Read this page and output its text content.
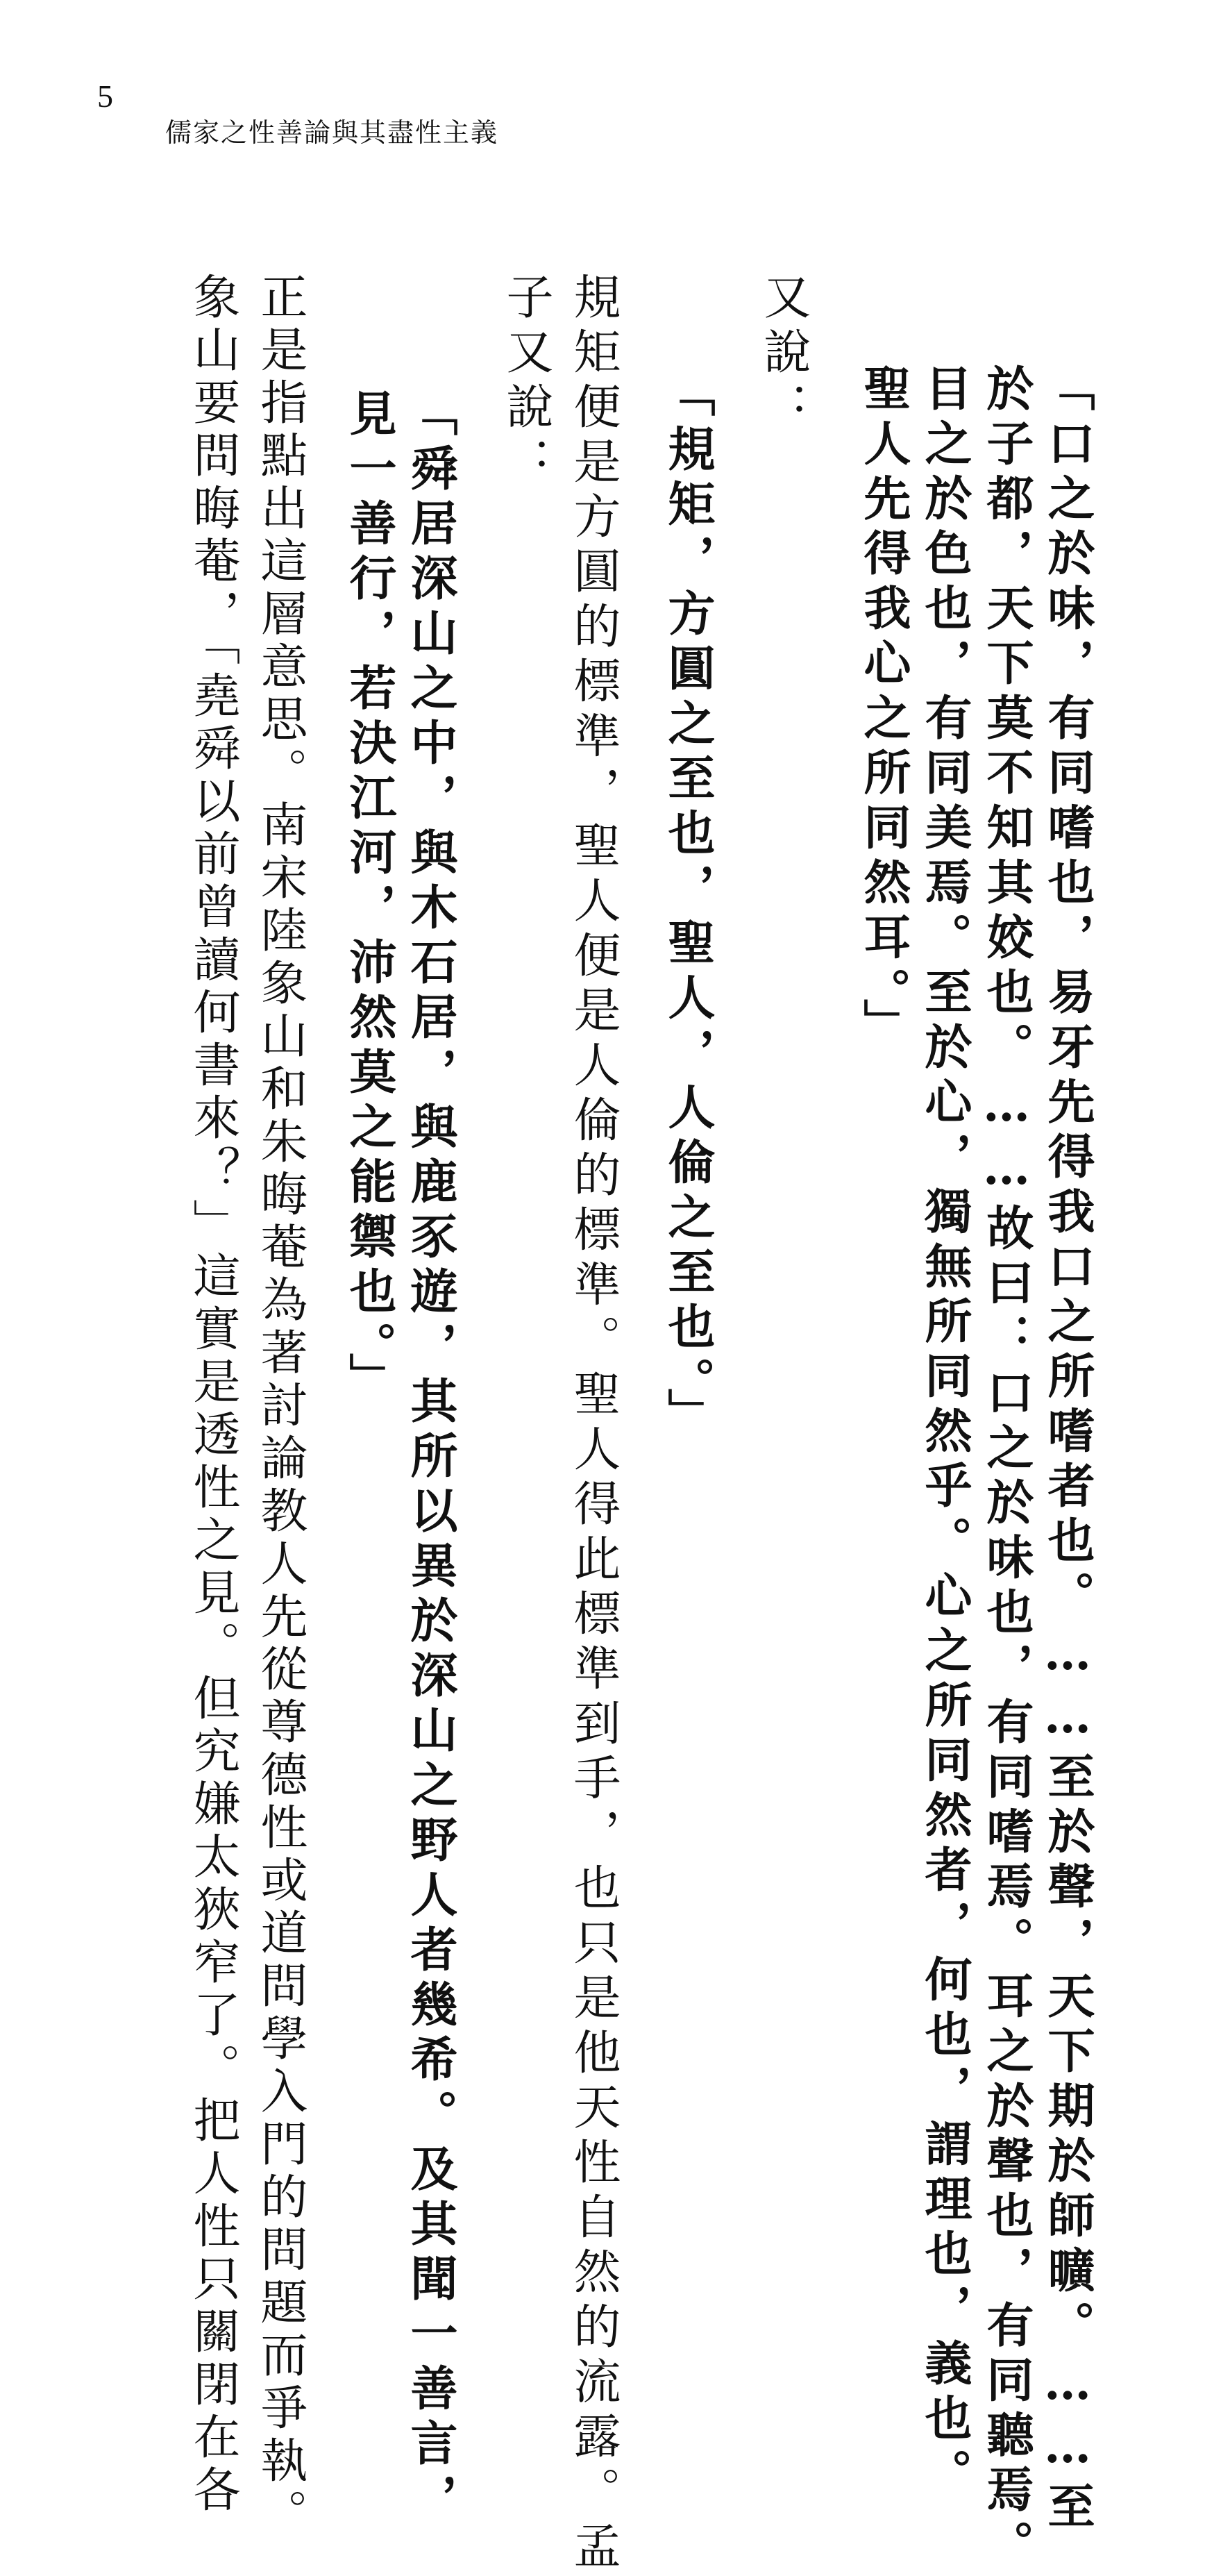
5
儒家之性善論與其盡性主義
「口之於味，有同嗜也，易牙先得我口之所嗜者也。……至於聲，天下期於師曠。……至
於子都，天下莫不知其姣也。……故曰：口之於味也，有同嗜焉。耳之於聲也，有同聽焉。
目之於色也，有同美焉。至於心，獨無所同然乎。心之所同然者，何也，謂理也，義也。
聖人先得我心之所同然耳。」
又說：
「規矩，方圓之至也，聖人，人倫之至也。」
規矩便是方圓的標準，聖人便是人倫的標準。聖人得此標準到手，也只是他天性自然的流露。孟
子又說：
「舜居深山之中，與木石居，與鹿豕遊，其所以異於深山之野人者幾希。及其聞一善言，
見一善行，若決江河，沛然莫之能禦也。」
正是指點出這層意思。南宋陸象山和朱晦菴為著討論教人先從尊德性或道問學入門的問題而爭執。
象山要問晦菴，「堯舜以前曾讀何書來？」這實是透性之見。但究嫌太狹窄了。把人性只關閉在各
